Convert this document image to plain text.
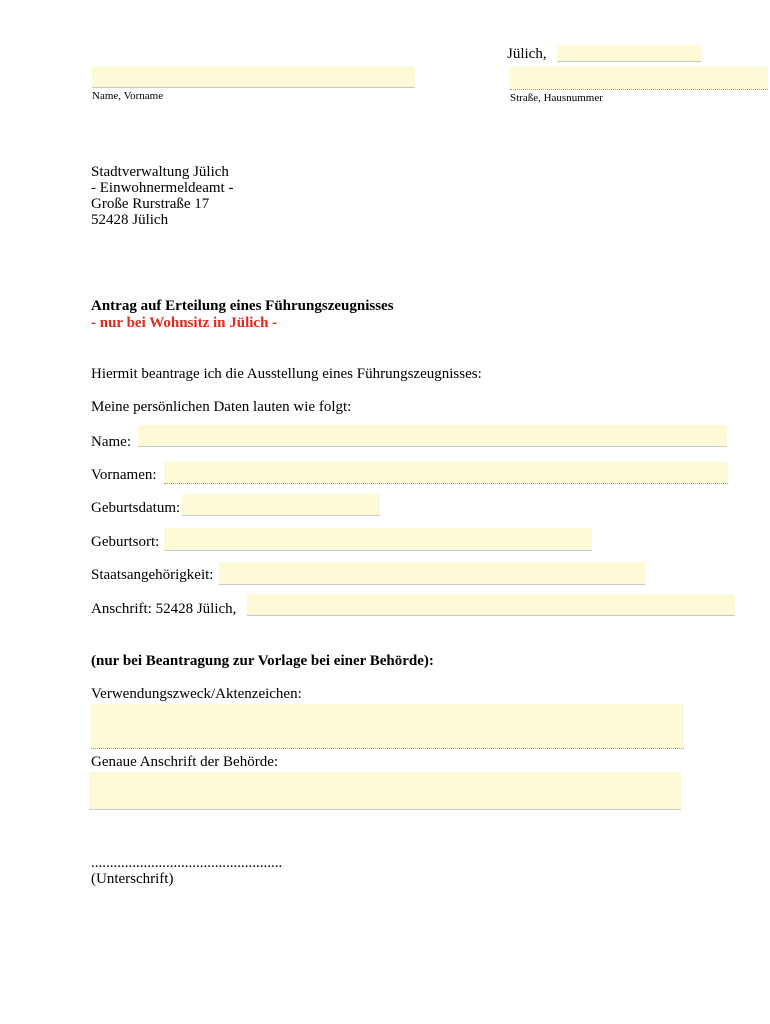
Jülich,
Name, Vorname	Straße, Hausnummer
Stadtverwaltung Jülich
- Einwohnermeldeamt -
Große Rurstraße 17
52428 Jülich
Antrag auf Erteilung eines Führungszeugnisses
- nur bei Wohnsitz in Jülich -
Hiermit beantrage ich die Ausstellung eines Führungszeugnisses:
Meine persönlichen Daten lauten wie folgt:
Name:
Vornamen:
Geburtsdatum:
Geburtsort:
Staatsangehörigkeit:
Anschrift: 52428 Jülich,
(nur bei Beantragung zur Vorlage bei einer Behörde):
Verwendungszweck/Aktenzeichen:
Genaue Anschrift der Behörde:
...................................................
(Unterschrift)
